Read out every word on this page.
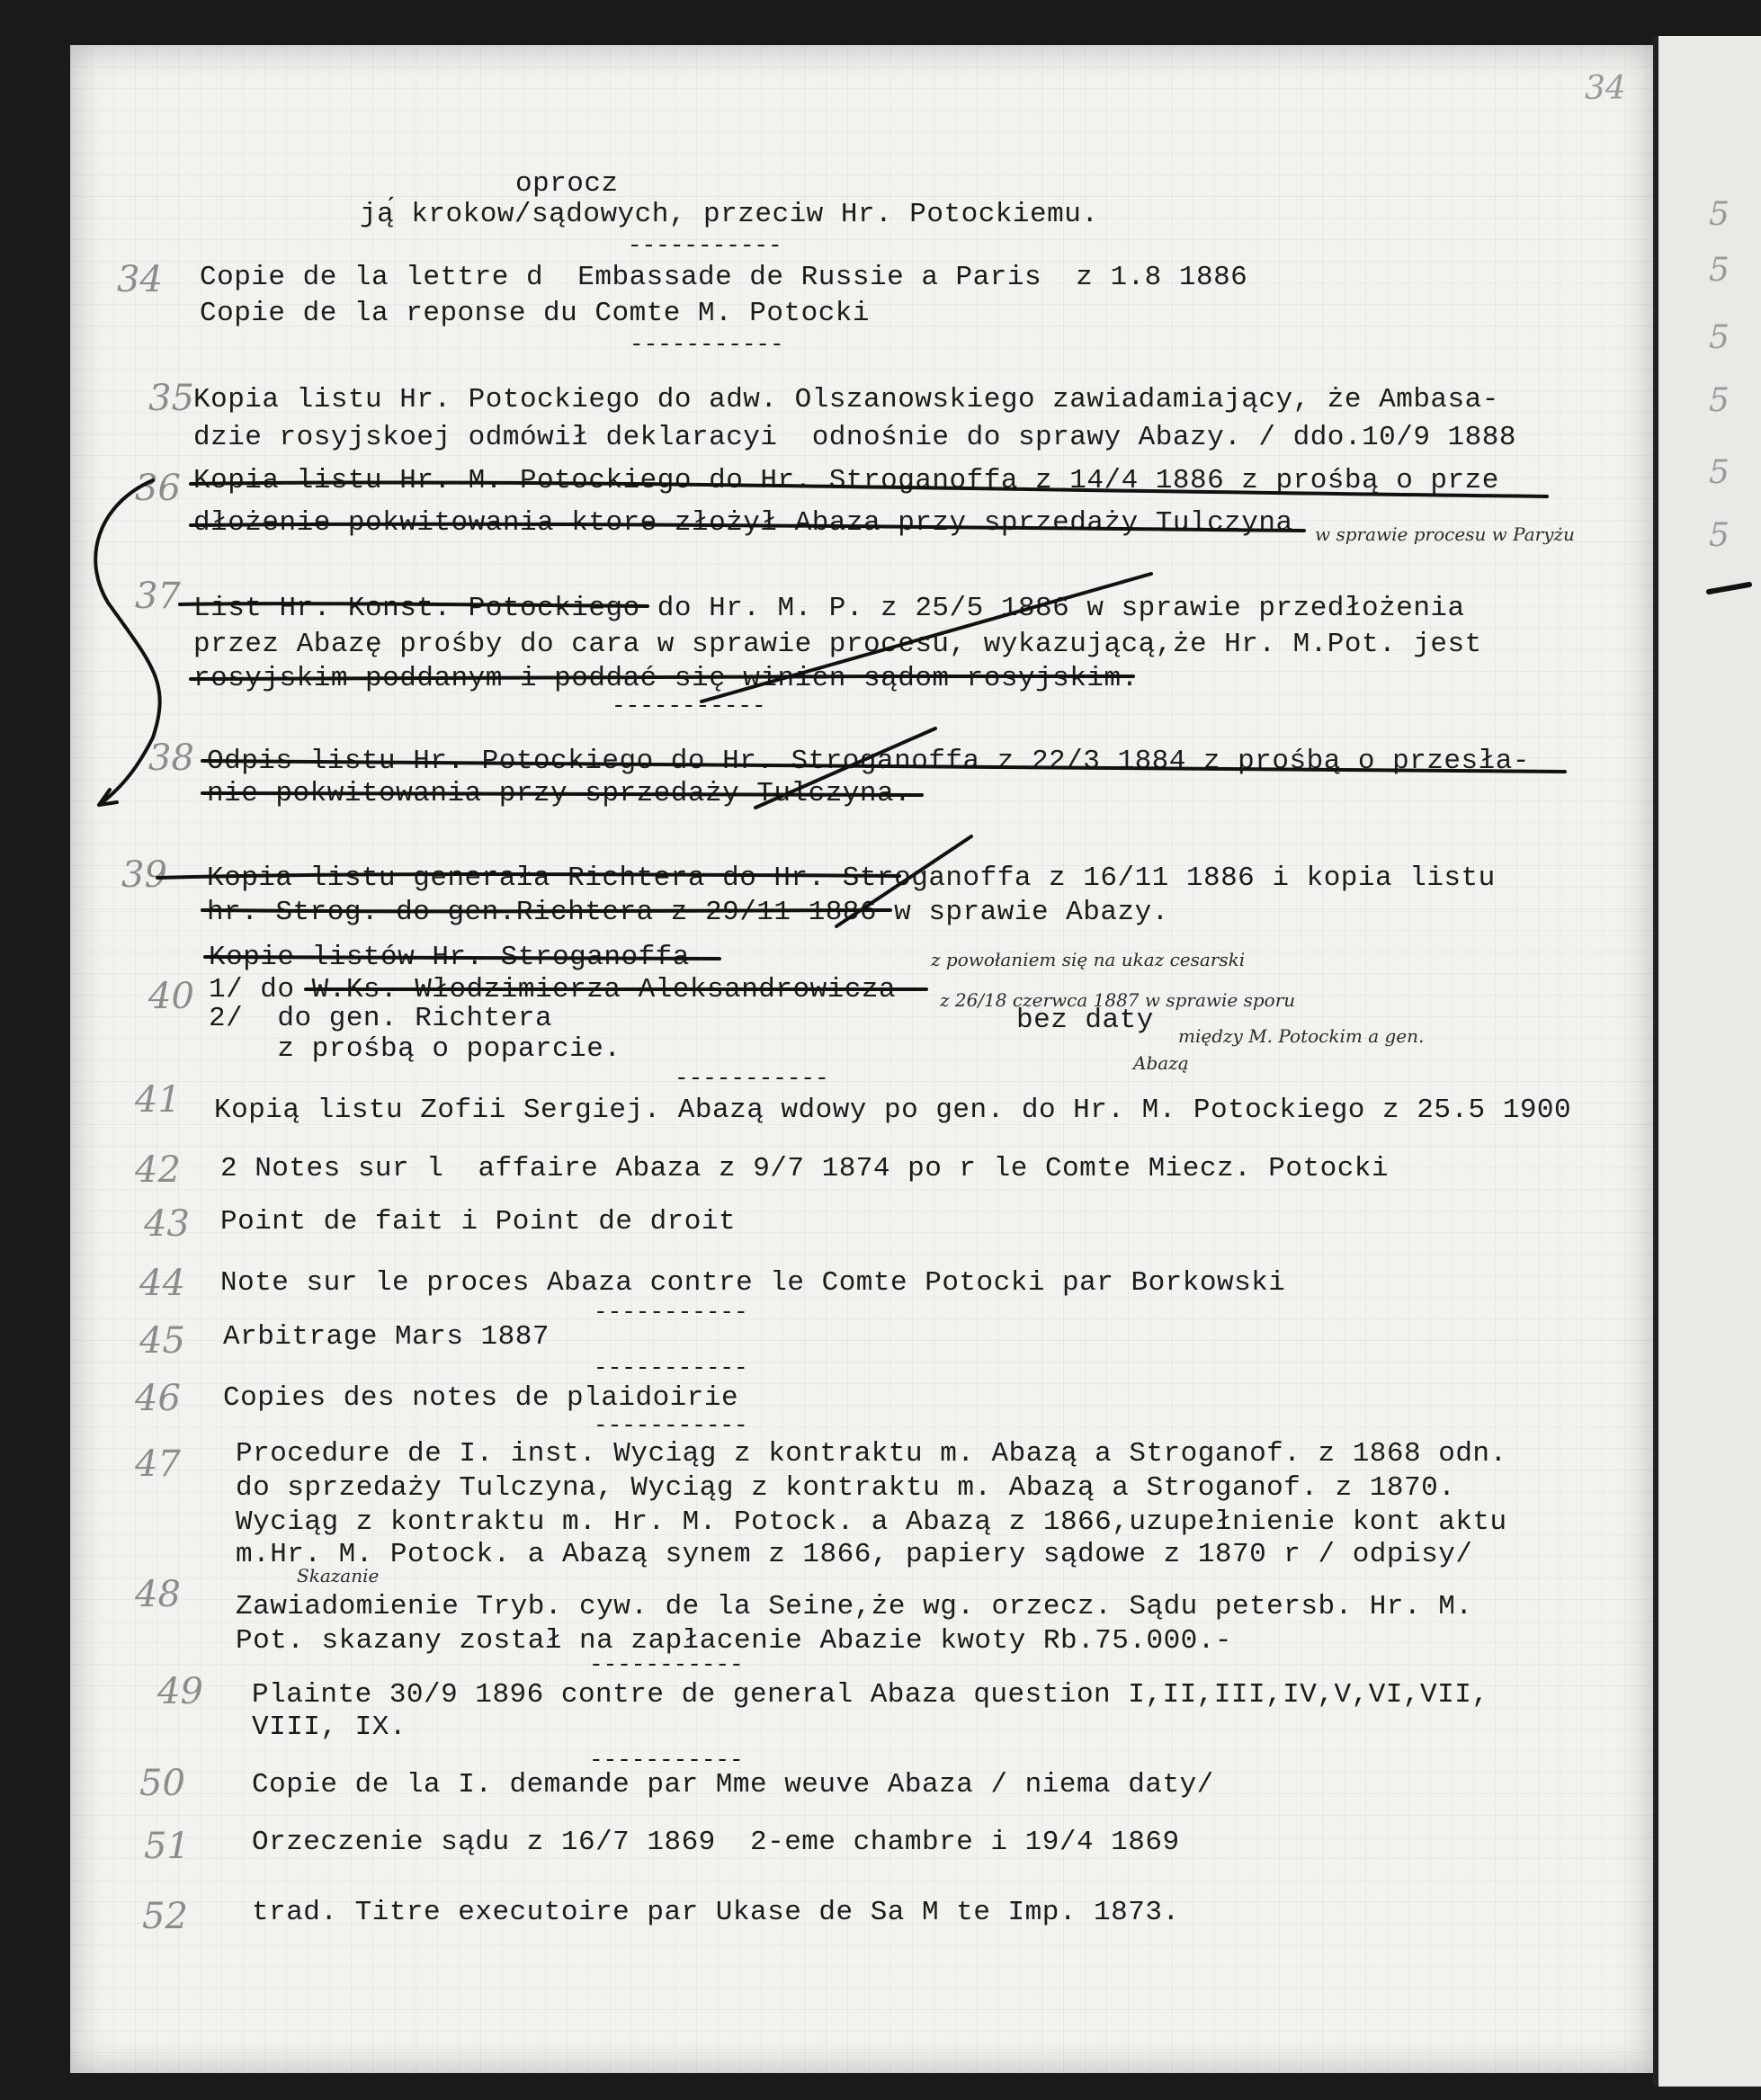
34
5
5
5
5
5
5
oprocz
ją́ krokow/sądowych, przeciw Hr. Potockiemu.
-----------
34 Copie de la lettre d  Embassade de Russie a Paris  z 1.8 1886
Copie de la reponse du Comte M. Potocki
-----------
35 Kopia listu Hr. Potockiego do adw. Olszanowskiego zawiadamiający, że Ambasa-
dzie rosyjskoej odmówił deklaracyi  odnośnie do sprawy Abazy. / ddo.10/9 1888
36 Kopia listu Hr. M. Potockiego do Hr. Stroganoffa z 14/4 1886 z prośbą o prze
dłożenie pokwitowania ktore złożył Abaza przy sprzedaży Tulczyna w sprawie procesu w Paryżu
37 List Hr. Konst. Potockiego do Hr. M. P. z 25/5 1886 w sprawie przedłożenia
przez Abazę prośby do cara w sprawie procesu, wykazującą,że Hr. M.Pot. jest
rosyjskim poddanym i poddać się winien sądom rosyjskim.
-----------
38 Odpis listu Hr. Potockiego do Hr. Stroganoffa z 22/3 1884 z prośbą o przesła-
nie pokwitowania przy sprzedaży Tulczyna.
39 Kopia listu generała Richtera do Hr. Stroganoffa z 16/11 1886 i kopia listu
hr. Strog. do gen.Richtera z 29/11 1886 w sprawie Abazy.
40
Kopie listów Hr. Stroganoffa
1/ do W.Ks. Włodzimierza Aleksandrowicza
2/  do gen. Richtera
z prośbą o poparcie.
bez daty
z powołaniem się na ukaz cesarski
z 26/18 czerwca 1887 w sprawie sporu
między M. Potockim a gen.
Abazą
-----------
41 Kopią listu Zofii Sergiej. Abazą wdowy po gen. do Hr. M. Potockiego z 25.5 1900
42 2 Notes sur l  affaire Abaza z 9/7 1874 po r le Comte Miecz. Potocki
43 Point de fait i Point de droit
44 Note sur le proces Abaza contre le Comte Potocki par Borkowski
-----------
45 Arbitrage Mars 1887
-----------
46 Copies des notes de plaidoirie
-----------
47 Procedure de I. inst. Wyciąg z kontraktu m. Abazą a Stroganof. z 1868 odn.
do sprzedaży Tulczyna, Wyciąg z kontraktu m. Abazą a Stroganof. z 1870.
Wyciąg z kontraktu m. Hr. M. Potock. a Abazą z 1866,uzupełnienie kont aktu
m.Hr. M. Potock. a Abazą synem z 1866, papiery sądowe z 1870 r / odpisy/
48	Skazanie
Zawiadomienie Tryb. cyw. de la Seine,że wg. orzecz. Sądu petersb. Hr. M.
Pot. skazany został na zapłacenie Abazie kwoty Rb.75.000.-
-----------
49 Plainte 30/9 1896 contre de general Abaza question I,II,III,IV,V,VI,VII,
VIII, IX.
-----------
50 Copie de la I. demande par Mme weuve Abaza / niema daty/
51 Orzeczenie sądu z 16/7 1869  2-eme chambre i 19/4 1869
52 trad. Titre executoire par Ukase de Sa M te Imp. 1873.
